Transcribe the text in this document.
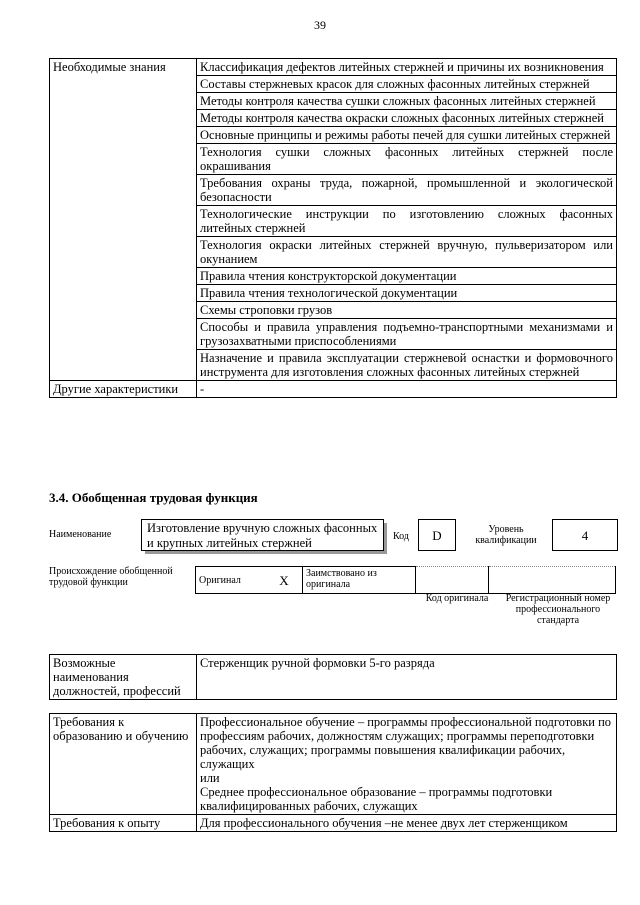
39
Необходимые знания	Классификация дефектов литейных стержней и причины их возникновения
	Составы стержневых красок для сложных фасонных литейных стержней
	Методы контроля качества сушки сложных фасонных литейных стержней
	Методы контроля качества окраски сложных фасонных литейных стержней
	Основные принципы и режимы работы печей для сушки литейных стержней
	Технология сушки сложных фасонных литейных стержней после окрашивания
	Требования охраны труда, пожарной, промышленной и экологической безопасности
	Технологические инструкции по изготовлению сложных фасонных литейных стержней
	Технология окраски литейных стержней вручную, пульверизатором или окунанием
	Правила чтения конструкторской документации
	Правила чтения технологической документации
	Схемы строповки грузов
	Способы и правила управления подъемно-транспортными механизмами и грузозахватными приспособлениями
	Назначение и правила эксплуатации стержневой оснастки и формовочного инструмента для изготовления сложных фасонных литейных стержней
Другие характеристики	-
3.4. Обобщенная трудовая функция
Наименование	Изготовление вручную сложных фасонных и крупных литейных стержней	Код	D	Уровень квалификации	4
Происхождение обобщенной трудовой функции	Оригинал	X	Заимствовано из оригинала		
Код оригинала	Регистрационный номер профессионального стандарта
Возможные наименования должностей, профессий	Стерженщик ручной формовки 5-го разряда
Требования к образованию и обучению	Профессиональное обучение – программы профессиональной подготовки по профессиям рабочих, должностям служащих; программы переподготовки рабочих, служащих; программы повышения квалификации рабочих, служащих
или
Среднее профессиональное образование – программы подготовки квалифицированных рабочих, служащих

Требования к опыту	Для профессионального обучения –не менее двух лет стерженщиком
